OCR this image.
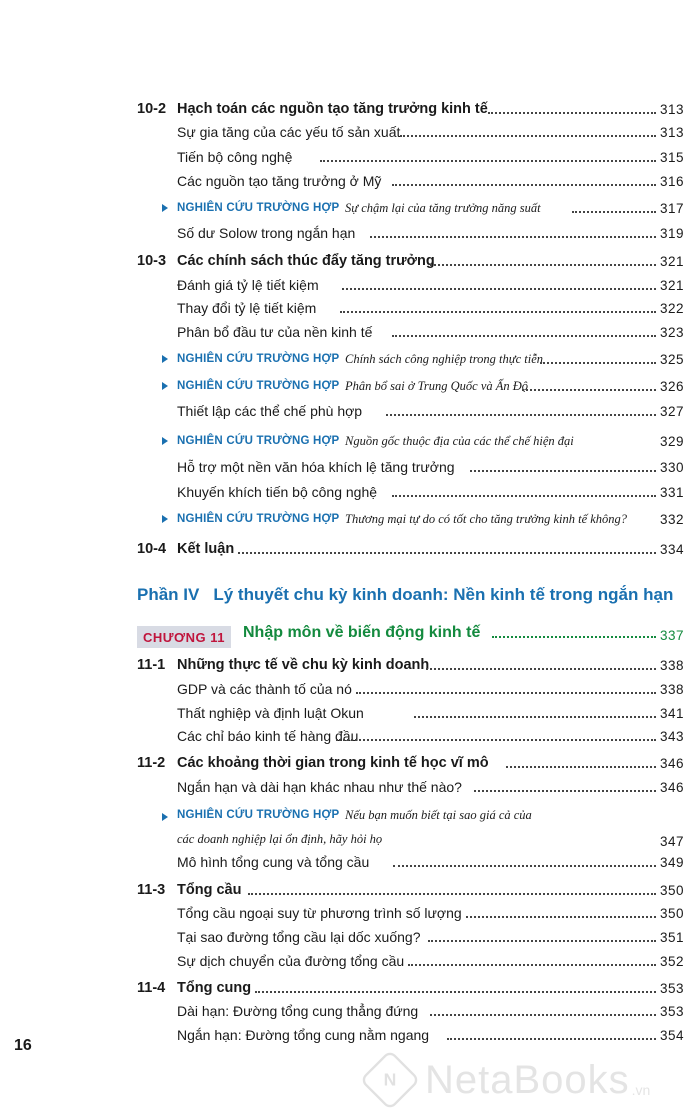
10-2 Hạch toán các nguồn tạo tăng trưởng kinh tế	313
Sự gia tăng của các yếu tố sản xuất	313
Tiến bộ công nghệ	315
Các nguồn tạo tăng trưởng ở Mỹ	316
NGHIÊN CỨU TRƯỜNG HỢP Sự chậm lại của tăng trưởng năng suất	317
Số dư Solow trong ngắn hạn	319
10-3 Các chính sách thúc đẩy tăng trưởng	321
Đánh giá tỷ lệ tiết kiệm	321
Thay đổi tỷ lệ tiết kiệm	322
Phân bổ đầu tư của nền kinh tế	323
NGHIÊN CỨU TRƯỜNG HỢP Chính sách công nghiệp trong thực tiễn	325
NGHIÊN CỨU TRƯỜNG HỢP Phân bổ sai ở Trung Quốc và Ấn Độ	326
Thiết lập các thể chế phù hợp	327
NGHIÊN CỨU TRƯỜNG HỢP Nguồn gốc thuộc địa của các thể chế hiện đại	329
Hỗ trợ một nền văn hóa khích lệ tăng trưởng	330
Khuyến khích tiến bộ công nghệ	331
NGHIÊN CỨU TRƯỜNG HỢP Thương mại tự do có tốt cho tăng trưởng kinh tế không? 332
10-4 Kết luận	334
11-1 Những thực tế về chu kỳ kinh doanh	338
GDP và các thành tố của nó	338
Thất nghiệp và định luật Okun	341
Các chỉ báo kinh tế hàng đầu	343
11-2 Các khoảng thời gian trong kinh tế học vĩ mô	346
Ngắn hạn và dài hạn khác nhau như thế nào?	346
NGHIÊN CỨU TRƯỜNG HỢP Nếu bạn muốn biết tại sao giá cả của
các doanh nghiệp lại ổn định, hãy hỏi họ	347
Mô hình tổng cung và tổng cầu	349
11-3 Tổng cầu	350
Tổng cầu ngoại suy từ phương trình số lượng	350
Tại sao đường tổng cầu lại dốc xuống?	351
Sự dịch chuyển của đường tổng cầu	352
11-4 Tổng cung	353
Dài hạn: Đường tổng cung thẳng đứng	353
Ngắn hạn: Đường tổng cung nằm ngang	354
Phần IV Lý thuyết chu kỳ kinh doanh: Nền kinh tế trong ngắn hạn
CHƯƠNG 11	Nhập môn về biến động kinh tế	337
16
N NetaBooks .vn
